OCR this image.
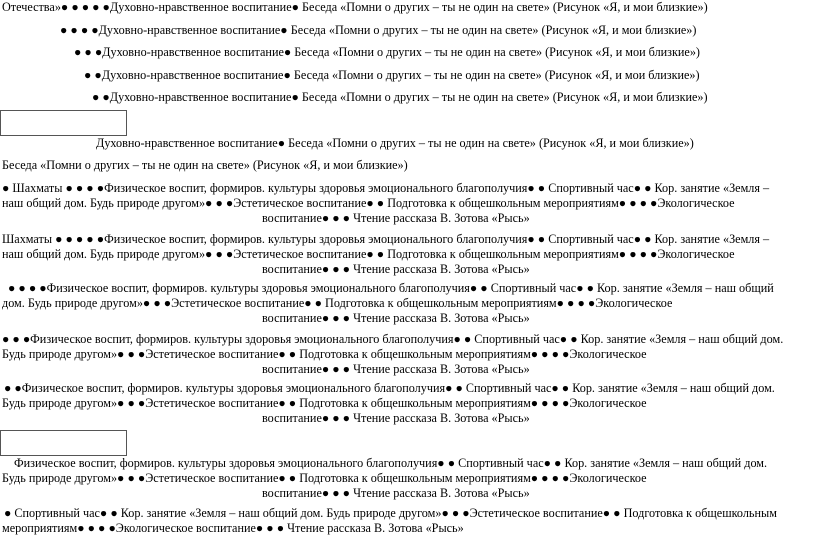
Отечества»● ● ● ● ●Духовно-нравственное воспитание● Беседа «Помни о других – ты не один на свете» (Рисунок «Я, и мои близкие»)
● ● ● ●Духовно-нравственное воспитание● Беседа «Помни о других – ты не один на свете» (Рисунок «Я, и мои близкие»)
● ● ●Духовно-нравственное воспитание● Беседа «Помни о других – ты не один на свете» (Рисунок «Я, и мои близкие»)
● ●Духовно-нравственное воспитание● Беседа «Помни о других – ты не один на свете» (Рисунок «Я, и мои близкие»)
● ●Духовно-нравственное воспитание● Беседа «Помни о других – ты не один на свете» (Рисунок «Я, и мои близкие»)
Духовно-нравственное воспитание● Беседа «Помни о других – ты не один на свете» (Рисунок «Я, и мои близкие»)
Беседа «Помни о других – ты не один на свете» (Рисунок «Я, и мои близкие»)
● Шахматы ● ● ● ●Физическое воспит, формиров. культуры здоровья эмоционального благополучия● ● Спортивный час● ● Кор. занятие «Земля –
наш общий дом. Будь природе другом»● ● ●Эстетическое воспитание● ● Подготовка к общешкольным мероприятиям● ● ● ●Экологическое
воспитание● ● ● Чтение рассказа В. Зотова «Рысь»
Шахматы ● ● ● ● ●Физическое воспит, формиров. культуры здоровья эмоционального благополучия● ● Спортивный час● ● Кор. занятие «Земля –
наш общий дом. Будь природе другом»● ● ●Эстетическое воспитание● ● Подготовка к общешкольным мероприятиям● ● ● ●Экологическое
воспитание● ● ● Чтение рассказа В. Зотова «Рысь»
● ● ● ●Физическое воспит, формиров. культуры здоровья эмоционального благополучия● ● Спортивный час● ● Кор. занятие «Земля – наш общий
дом. Будь природе другом»● ● ●Эстетическое воспитание● ● Подготовка к общешкольным мероприятиям● ● ● ●Экологическое
воспитание● ● ● Чтение рассказа В. Зотова «Рысь»
● ● ●Физическое воспит, формиров. культуры здоровья эмоционального благополучия● ● Спортивный час● ● Кор. занятие «Земля – наш общий дом.
Будь природе другом»● ● ●Эстетическое воспитание● ● Подготовка к общешкольным мероприятиям● ● ● ●Экологическое
воспитание● ● ● Чтение рассказа В. Зотова «Рысь»
● ●Физическое воспит, формиров. культуры здоровья эмоционального благополучия● ● Спортивный час● ● Кор. занятие «Земля – наш общий дом.
Будь природе другом»● ● ●Эстетическое воспитание● ● Подготовка к общешкольным мероприятиям● ● ● ●Экологическое
воспитание● ● ● Чтение рассказа В. Зотова «Рысь»
Физическое воспит, формиров. культуры здоровья эмоционального благополучия● ● Спортивный час● ● Кор. занятие «Земля – наш общий дом.
Будь природе другом»● ● ●Эстетическое воспитание● ● Подготовка к общешкольным мероприятиям● ● ● ●Экологическое
воспитание● ● ● Чтение рассказа В. Зотова «Рысь»
● Спортивный час● ● Кор. занятие «Земля – наш общий дом. Будь природе другом»● ● ●Эстетическое воспитание● ● Подготовка к общешкольным
мероприятиям● ● ● ●Экологическое воспитание● ● ● Чтение рассказа В. Зотова «Рысь»
